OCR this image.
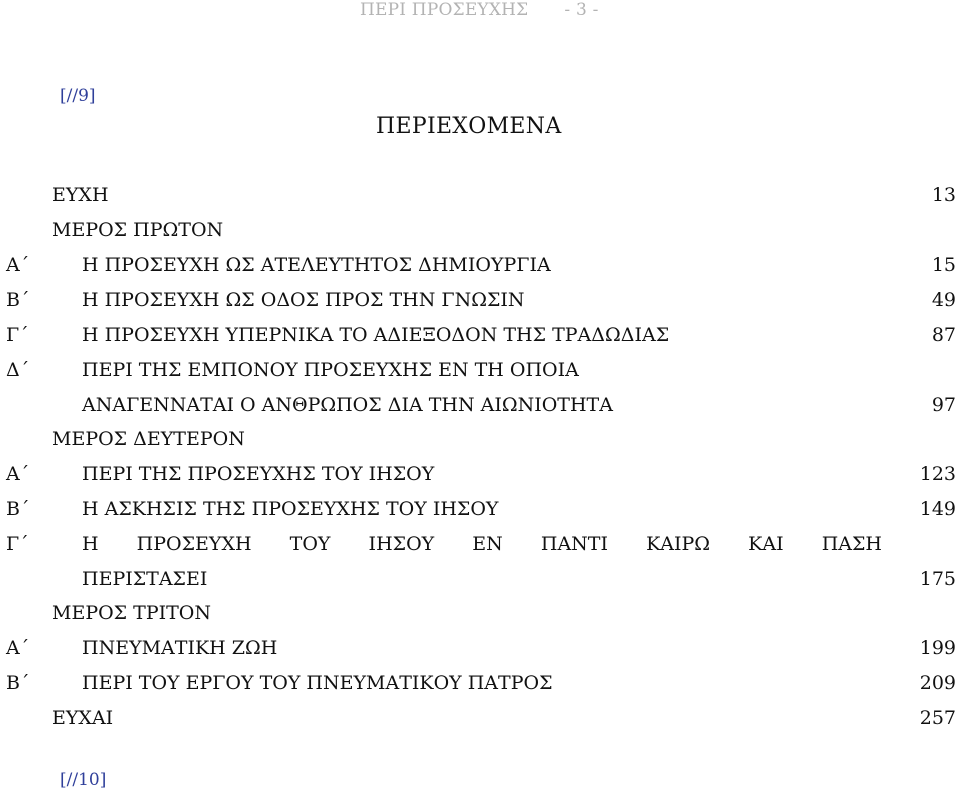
ΠΕΡΙ ΠΡΟΣΕΥΧΗΣ - 3 -
[//9]
ΠΕΡΙΕΧΟΜΕΝΑ
ΕΥΧΗ	13
ΜΕΡΟΣ ΠΡΩΤΟΝ
Α΄	Η ΠΡΟΣΕΥΧΗ ΩΣ ΑΤΕΛΕΥΤΗΤΟΣ ΔΗΜΙΟΥΡΓΙΑ	15
Β΄	Η ΠΡΟΣΕΥΧΗ ΩΣ ΟΔΟΣ ΠΡΟΣ ΤΗΝ ΓΝΩΣΙΝ	49
Γ΄	Η ΠΡΟΣΕΥΧΗ ΥΠΕΡΝΙΚΑ ΤΟ ΑΔΙΕΞΟΔΟΝ ΤΗΣ ΤΡΑΔΩΔΙΑΣ	87
Δ΄	ΠΕΡΙ ΤΗΣ ΕΜΠΟΝΟΥ ΠΡΟΣΕΥΧΗΣ ΕΝ ΤΗ ΟΠΟΙΑ
ΑΝΑΓΕΝΝΑΤΑΙ Ο ΑΝΘΡΩΠΟΣ ΔΙΑ ΤΗΝ ΑΙΩΝΙΟΤΗΤΑ	97
ΜΕΡΟΣ ΔΕΥΤΕΡΟΝ
Α΄	ΠΕΡΙ ΤΗΣ ΠΡΟΣΕΥΧΗΣ ΤΟΥ ΙΗΣΟΥ	123
Β΄	Η ΑΣΚΗΣΙΣ ΤΗΣ ΠΡΟΣΕΥΧΗΣ ΤΟΥ ΙΗΣΟΥ	149
Γ΄	Η ΠΡΟΣΕΥΧΗ ΤΟΥ ΙΗΣΟΥ ΕΝ ΠΑΝΤΙ ΚΑΙΡΩ ΚΑΙ ΠΑΣΗ
ΠΕΡΙΣΤΑΣΕΙ	175
ΜΕΡΟΣ ΤΡΙΤΟΝ
Α΄	ΠΝΕΥΜΑΤΙΚΗ ΖΩΗ	199
Β΄	ΠΕΡΙ ΤΟΥ ΕΡΓΟΥ ΤΟΥ ΠΝΕΥΜΑΤΙΚΟΥ ΠΑΤΡΟΣ	209
ΕΥΧΑΙ	257
[//10]
